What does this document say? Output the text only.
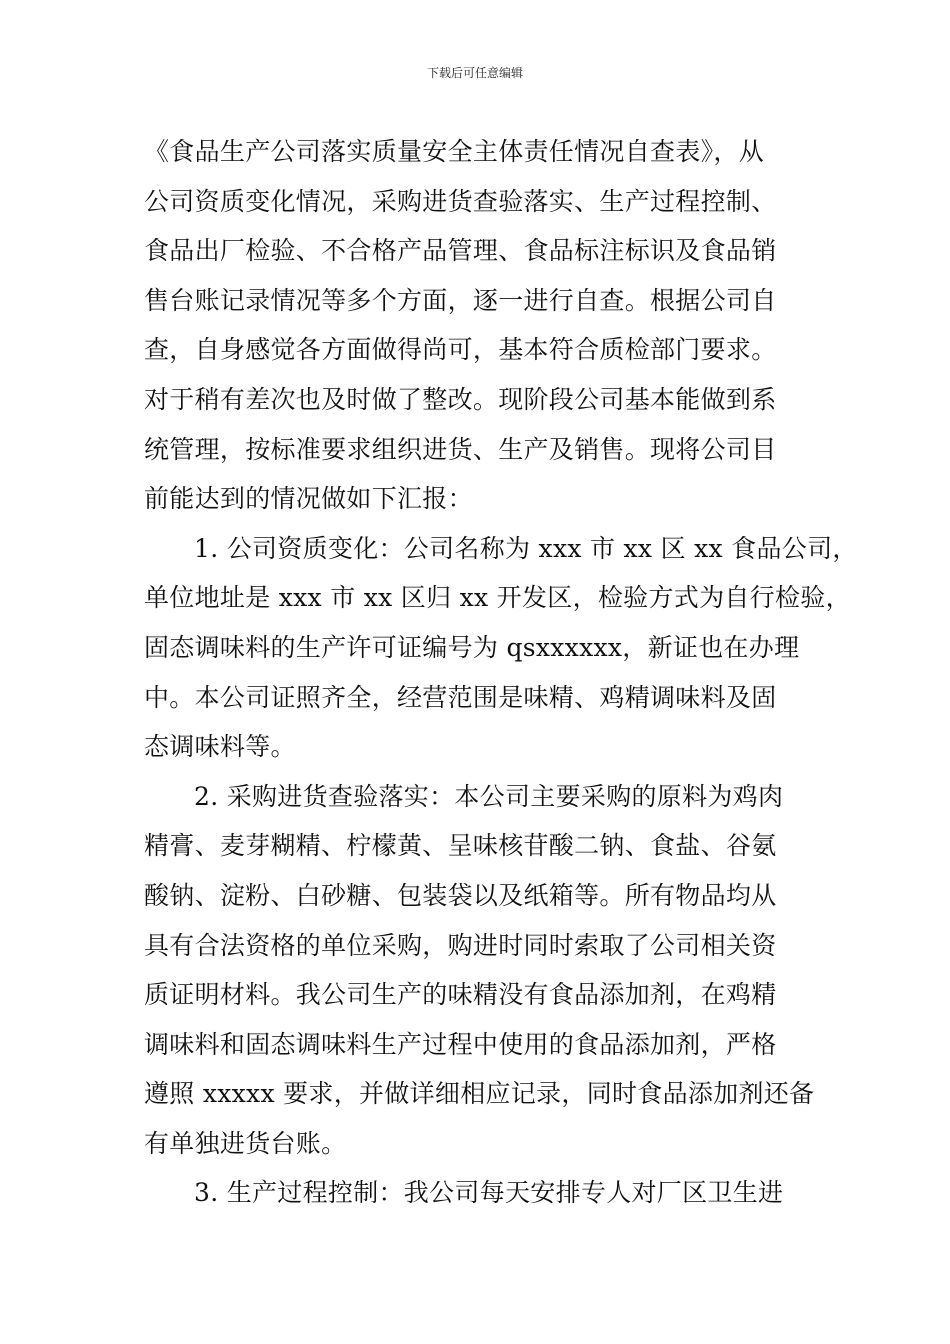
下载后可任意编辑
《食品生产公司落实质量安全主体责任情况自查表》，从
公司资质变化情况，采购进货查验落实、生产过程控制、
食品出厂检验、不合格产品管理、食品标注标识及食品销
售台账记录情况等多个方面，逐一进行自查。根据公司自
查，自身感觉各方面做得尚可，基本符合质检部门要求。
对于稍有差次也及时做了整改。现阶段公司基本能做到系
统管理，按标准要求组织进货、生产及销售。现将公司目
前能达到的情况做如下汇报：
1. 公司资质变化：公司名称为 xxx 市 xx 区 xx 食品公司，
单位地址是 xxx 市 xx 区归 xx 开发区，检验方式为自行检验，
固态调味料的生产许可证编号为 qsxxxxxx，新证也在办理
中。本公司证照齐全，经营范围是味精、鸡精调味料及固
态调味料等。
2. 采购进货查验落实：本公司主要采购的原料为鸡肉
精膏、麦芽糊精、柠檬黄、呈味核苷酸二钠、食盐、谷氨
酸钠、淀粉、白砂糖、包装袋以及纸箱等。所有物品均从
具有合法资格的单位采购，购进时同时索取了公司相关资
质证明材料。我公司生产的味精没有食品添加剂，在鸡精
调味料和固态调味料生产过程中使用的食品添加剂，严格
遵照 xxxxx 要求，并做详细相应记录，同时食品添加剂还备
有单独进货台账。
3. 生产过程控制：我公司每天安排专人对厂区卫生进
